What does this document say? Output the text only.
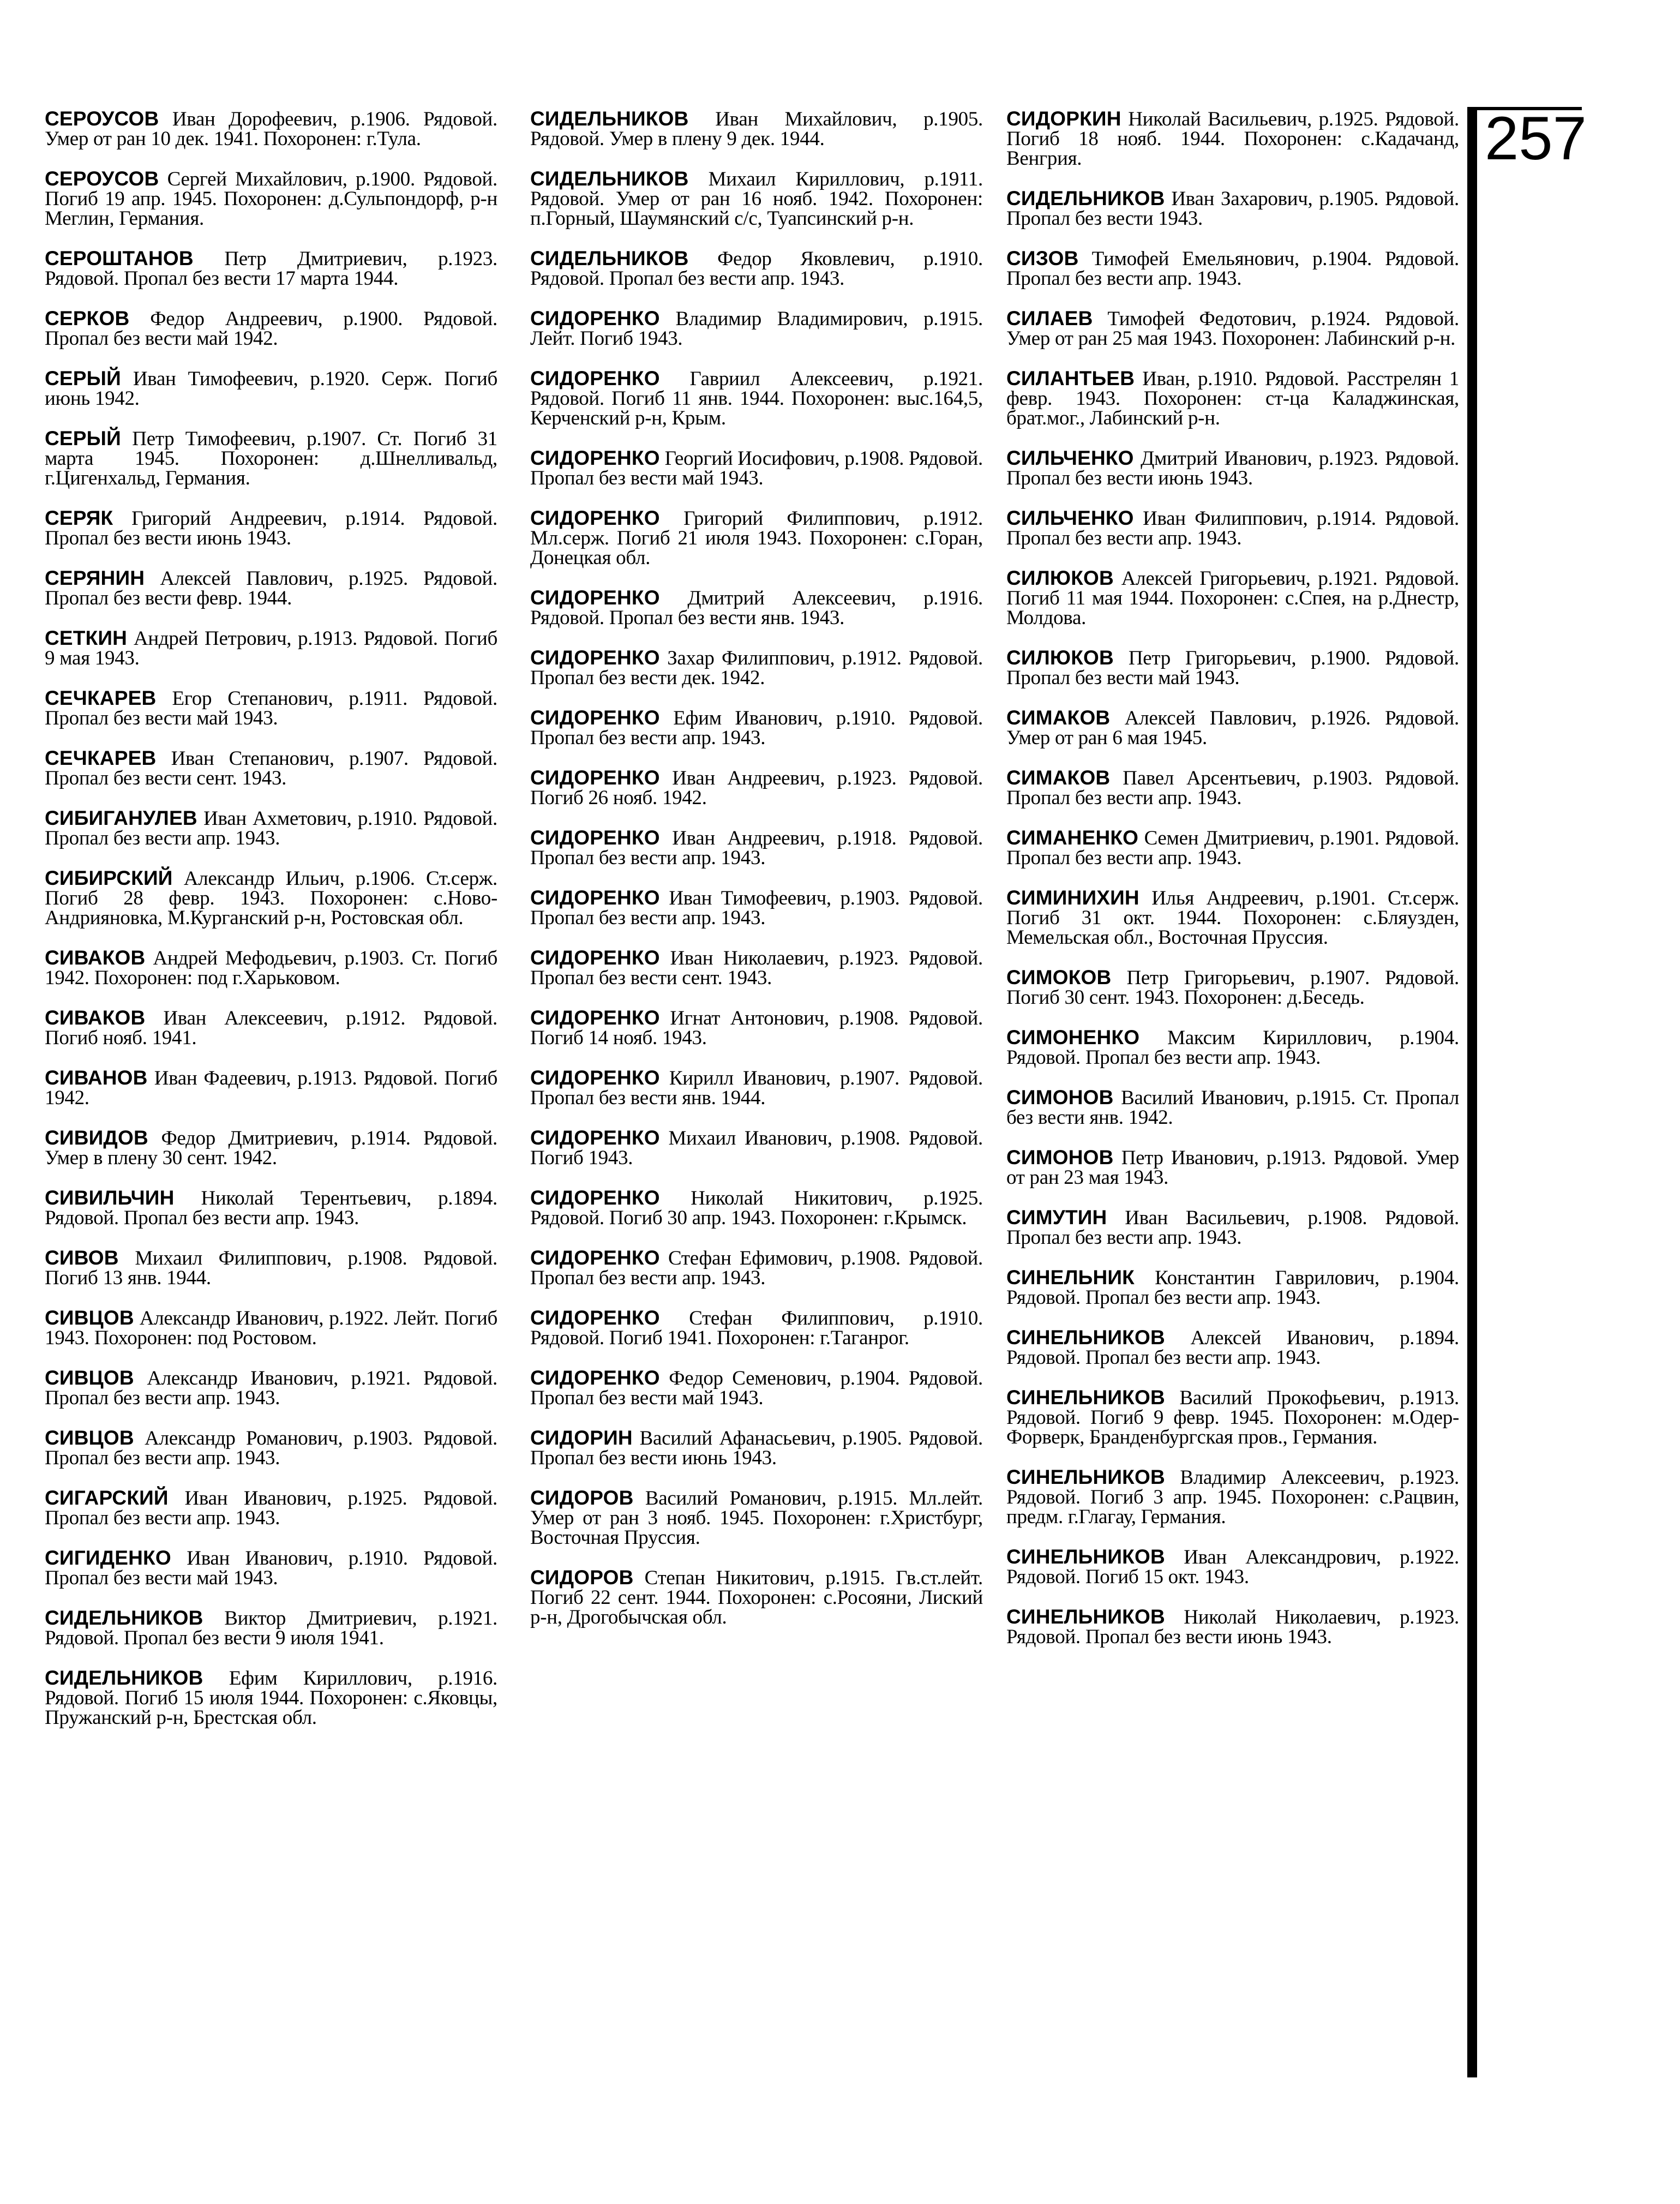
СЕРОУСОВ Иван Дорофеевич, р.1906. Рядовой. Умер от ран 10 дек. 1941. Похоронен: г.Тула.
СЕРОУСОВ Сергей Михайлович, р.1900. Рядовой. Погиб 19 апр. 1945. Похоронен: д.Сульпондорф, р-н Меглин, Германия.
СЕРОШТАНОВ Петр Дмитриевич, р.1923. Рядовой. Пропал без вести 17 марта 1944.
СЕРКОВ Федор Андреевич, р.1900. Рядовой. Пропал без вести май 1942.
СЕРЫЙ Иван Тимофеевич, р.1920. Серж. Погиб июнь 1942.
СЕРЫЙ Петр Тимофеевич, р.1907. Ст. Погиб 31 марта 1945. Похоронен: д.Шнелливальд, г.Цигенхальд, Германия.
СЕРЯК Григорий Андреевич, р.1914. Рядовой. Пропал без вести июнь 1943.
СЕРЯНИН Алексей Павлович, р.1925. Рядовой. Пропал без вести февр. 1944.
СЕТКИН Андрей Петрович, р.1913. Рядовой. Погиб 9 мая 1943.
СЕЧКАРЕВ Егор Степанович, р.1911. Рядовой. Пропал без вести май 1943.
СЕЧКАРЕВ Иван Степанович, р.1907. Рядовой. Пропал без вести сент. 1943.
СИБИГАНУЛЕВ Иван Ахметович, р.1910. Рядовой. Пропал без вести апр. 1943.
СИБИРСКИЙ Александр Ильич, р.1906. Ст.серж. Погиб 28 февр. 1943. Похоронен: с.Ново-Андрияновка, М.Курганский р-н, Ростовская обл.
СИВАКОВ Андрей Мефодьевич, р.1903. Ст. Погиб 1942. Похоронен: под г.Харьковом.
СИВАКОВ Иван Алексеевич, р.1912. Рядовой. Погиб нояб. 1941.
СИВАНОВ Иван Фадеевич, р.1913. Рядовой. Погиб 1942.
СИВИДОВ Федор Дмитриевич, р.1914. Рядовой. Умер в плену 30 сент. 1942.
СИВИЛЬЧИН Николай Терентьевич, р.1894. Рядовой. Пропал без вести апр. 1943.
СИВОВ Михаил Филиппович, р.1908. Рядовой. Погиб 13 янв. 1944.
СИВЦОВ Александр Иванович, р.1922. Лейт. Погиб 1943. Похоронен: под Ростовом.
СИВЦОВ Александр Иванович, р.1921. Рядовой. Пропал без вести апр. 1943.
СИВЦОВ Александр Романович, р.1903. Рядовой. Пропал без вести апр. 1943.
СИГАРСКИЙ Иван Иванович, р.1925. Рядовой. Пропал без вести апр. 1943.
СИГИДЕНКО Иван Иванович, р.1910. Рядовой. Пропал без вести май 1943.
СИДЕЛЬНИКОВ Виктор Дмитриевич, р.1921. Рядовой. Пропал без вести 9 июля 1941.
СИДЕЛЬНИКОВ Ефим Кириллович, р.1916. Рядовой. Погиб 15 июля 1944. Похоронен: с.Яковцы, Пружанский р-н, Брестская обл.
СИДЕЛЬНИКОВ Иван Михайлович, р.1905. Рядовой. Умер в плену 9 дек. 1944.
СИДЕЛЬНИКОВ Михаил Кириллович, р.1911. Рядовой. Умер от ран 16 нояб. 1942. Похоронен: п.Горный, Шаумянский с/с, Туапсинский р-н.
СИДЕЛЬНИКОВ Федор Яковлевич, р.1910. Рядовой. Пропал без вести апр. 1943.
СИДОРЕНКО Владимир Владимирович, р.1915. Лейт. Погиб 1943.
СИДОРЕНКО Гавриил Алексеевич, р.1921. Рядовой. Погиб 11 янв. 1944. Похоронен: выс.164,5, Керченский р-н, Крым.
СИДОРЕНКО Георгий Иосифович, р.1908. Рядовой. Пропал без вести май 1943.
СИДОРЕНКО Григорий Филиппович, р.1912. Мл.серж. Погиб 21 июля 1943. Похоронен: с.Горан, Донецкая обл.
СИДОРЕНКО Дмитрий Алексеевич, р.1916. Рядовой. Пропал без вести янв. 1943.
СИДОРЕНКО Захар Филиппович, р.1912. Рядовой. Пропал без вести дек. 1942.
СИДОРЕНКО Ефим Иванович, р.1910. Рядовой. Пропал без вести апр. 1943.
СИДОРЕНКО Иван Андреевич, р.1923. Рядовой. Погиб 26 нояб. 1942.
СИДОРЕНКО Иван Андреевич, р.1918. Рядовой. Пропал без вести апр. 1943.
СИДОРЕНКО Иван Тимофеевич, р.1903. Рядовой. Пропал без вести апр. 1943.
СИДОРЕНКО Иван Николаевич, р.1923. Рядовой. Пропал без вести сент. 1943.
СИДОРЕНКО Игнат Антонович, р.1908. Рядовой. Погиб 14 нояб. 1943.
СИДОРЕНКО Кирилл Иванович, р.1907. Рядовой. Пропал без вести янв. 1944.
СИДОРЕНКО Михаил Иванович, р.1908. Рядовой. Погиб 1943.
СИДОРЕНКО Николай Никитович, р.1925. Рядовой. Погиб 30 апр. 1943. Похоронен: г.Крымск.
СИДОРЕНКО Стефан Ефимович, р.1908. Рядовой. Пропал без вести апр. 1943.
СИДОРЕНКО Стефан Филиппович, р.1910. Рядовой. Погиб 1941. Похоронен: г.Таганрог.
СИДОРЕНКО Федор Семенович, р.1904. Рядовой. Пропал без вести май 1943.
СИДОРИН Василий Афанасьевич, р.1905. Рядовой. Пропал без вести июнь 1943.
СИДОРОВ Василий Романович, р.1915. Мл.лейт. Умер от ран 3 нояб. 1945. Похоронен: г.Христбург, Восточная Пруссия.
СИДОРОВ Степан Никитович, р.1915. Гв.ст.лейт. Погиб 22 сент. 1944. Похоронен: с.Росояни, Лиский р-н, Дрогобычская обл.
СИДОРКИН Николай Васильевич, р.1925. Рядовой. Погиб 18 нояб. 1944. Похоронен: с.Кадачанд, Венгрия.
СИДЕЛЬНИКОВ Иван Захарович, р.1905. Рядовой. Пропал без вести 1943.
СИЗОВ Тимофей Емельянович, р.1904. Рядовой. Пропал без вести апр. 1943.
СИЛАЕВ Тимофей Федотович, р.1924. Рядовой. Умер от ран 25 мая 1943. Похоронен: Лабинский р-н.
СИЛАНТЬЕВ Иван, р.1910. Рядовой. Расстрелян 1 февр. 1943. Похоронен: ст-ца Каладжинская, брат.мог., Лабинский р-н.
СИЛЬЧЕНКО Дмитрий Иванович, р.1923. Рядовой. Пропал без вести июнь 1943.
СИЛЬЧЕНКО Иван Филиппович, р.1914. Рядовой. Пропал без вести апр. 1943.
СИЛЮКОВ Алексей Григорьевич, р.1921. Рядовой. Погиб 11 мая 1944. Похоронен: с.Спея, на р.Днестр, Молдова.
СИЛЮКОВ Петр Григорьевич, р.1900. Рядовой. Пропал без вести май 1943.
СИМАКОВ Алексей Павлович, р.1926. Рядовой. Умер от ран 6 мая 1945.
СИМАКОВ Павел Арсентьевич, р.1903. Рядовой. Пропал без вести апр. 1943.
СИМАНЕНКО Семен Дмитриевич, р.1901. Рядовой. Пропал без вести апр. 1943.
СИМИНИХИН Илья Андреевич, р.1901. Ст.серж. Погиб 31 окт. 1944. Похоронен: с.Бляузден, Мемельская обл., Восточная Пруссия.
СИМОКОВ Петр Григорьевич, р.1907. Рядовой. Погиб 30 сент. 1943. Похоронен: д.Беседь.
СИМОНЕНКО Максим Кириллович, р.1904. Рядовой. Пропал без вести апр. 1943.
СИМОНОВ Василий Иванович, р.1915. Ст. Пропал без вести янв. 1942.
СИМОНОВ Петр Иванович, р.1913. Рядовой. Умер от ран 23 мая 1943.
СИМУТИН Иван Васильевич, р.1908. Рядовой. Пропал без вести апр. 1943.
СИНЕЛЬНИК Константин Гаврилович, р.1904. Рядовой. Пропал без вести апр. 1943.
СИНЕЛЬНИКОВ Алексей Иванович, р.1894. Рядовой. Пропал без вести апр. 1943.
СИНЕЛЬНИКОВ Василий Прокофьевич, р.1913. Рядовой. Погиб 9 февр. 1945. Похоронен: м.Одер-Форверк, Бранденбургская пров., Германия.
СИНЕЛЬНИКОВ Владимир Алексеевич, р.1923. Рядовой. Погиб 3 апр. 1945. Похоронен: с.Рацвин, предм. г.Глагау, Германия.
СИНЕЛЬНИКОВ Иван Александрович, р.1922. Рядовой. Погиб 15 окт. 1943.
СИНЕЛЬНИКОВ Николай Николаевич, р.1923. Рядовой. Пропал без вести июнь 1943.
257
